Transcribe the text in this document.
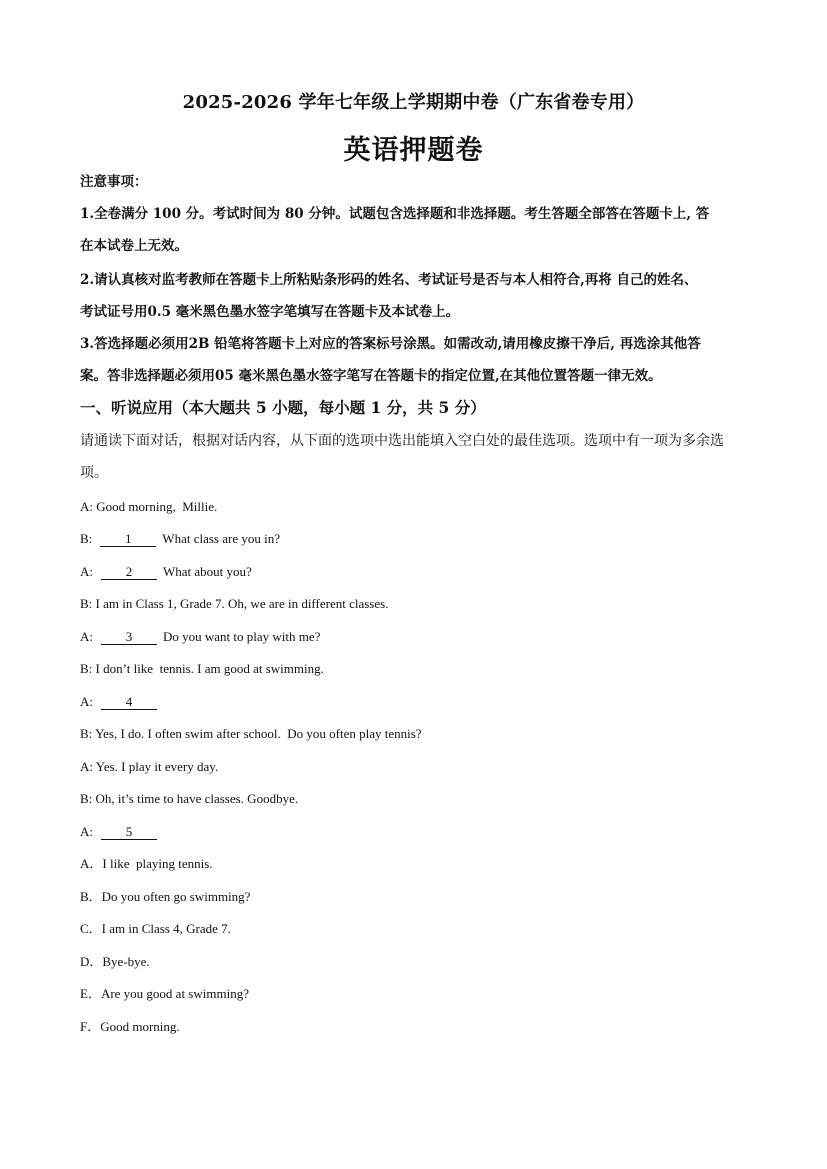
2025-2026 学年七年级上学期期中卷（广东省卷专用）
英语押题卷
注意事项：
1.全卷满分 100 分。考试时间为 80 分钟。试题包含选择题和非选择题。考生答题全部答在答题卡上, 答
在本试卷上无效。
2.请认真核对监考教师在答题卡上所粘贴条形码的姓名、考试证号是否与本人相符合,再将 自己的姓名、
考试证号用0.5 毫米黑色墨水签字笔填写在答题卡及本试卷上。
3.答选择题必须用2B 铅笔将答题卡上对应的答案标号涂黑。如需改动,请用橡皮擦干净后, 再选涂其他答
案。答非选择题必须用05 毫米黑色墨水签字笔写在答题卡的指定位置,在其他位置答题一律无效。
一、听说应用（本大题共 5 小题，每小题 1 分，共 5 分）
请通读下面对话，根据对话内容，从下面的选项中选出能填入空白处的最佳选项。选项中有一项为多余选
项。
A: Good morning,  Millie.
B:	1 What class are you in?
A:	2 What about you?
B: I am in Class 1, Grade 7. Oh, we are in different classes.
A:	3 Do you want to play with me?
B: I don’t like  tennis. I am good at swimming.
A:	4
B: Yes, I do. I often swim after school.  Do you often play tennis?
A: Yes. I play it every day.
B: Oh, it’s time to have classes. Goodbye.
A:	5
A．I like  playing tennis.
B．Do you often go swimming?
C．I am in Class 4, Grade 7.
D．Bye-bye.
E．Are you good at swimming?
F．Good morning.
